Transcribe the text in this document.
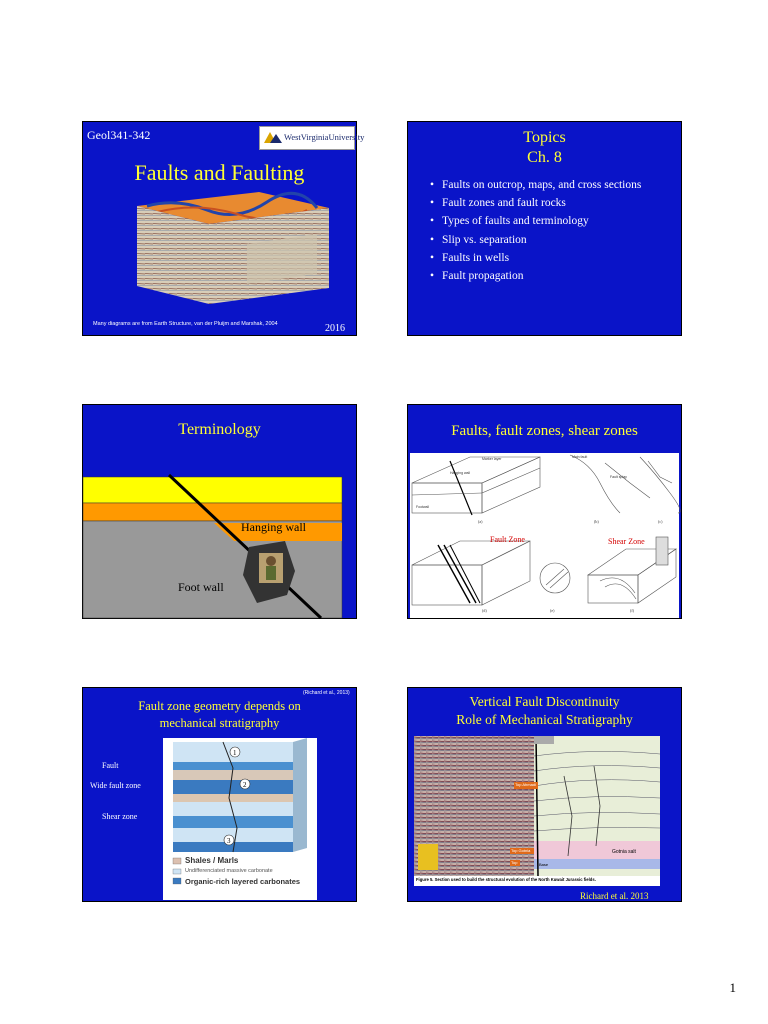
Geol341-342	WestVirginiaUniversity
Faults and Faulting
Many diagrams are from Earth Structure, van der Pluijm and Marshak, 2004	2016
Topics
Ch. 8
• Faults on outcrop, maps, and cross sections
• Fault zones and fault rocks
• Types of faults and terminology
• Slip vs. separation
• Faults in wells
• Fault propagation
Terminology
Hanging wall
Foot wall
Faults, fault zones, shear zones
Marker layer
Hanging wall
Footwall
Main fault
Fault splay
(a)	(b)	(c)
(d)	(e)	(f)
Fault Zone	Shear Zone
(Richard et al., 2013)
Fault zone geometry depends on
mechanical stratigraphy
Fault
Wide fault zone
Shear zone
1
2
3
Shales / Marls
Undifferenciated massive carbonate
Organic-rich layered carbonates
Vertical Fault Discontinuity
Role of Mechanical Stratigraphy
Top Ahmadi
Top Gotnia
Top
Gotnia salt
Base
Figure 5. Section used to build the structural evolution of the North Kuwait Jurassic fields.
Richard et al. 2013
1
